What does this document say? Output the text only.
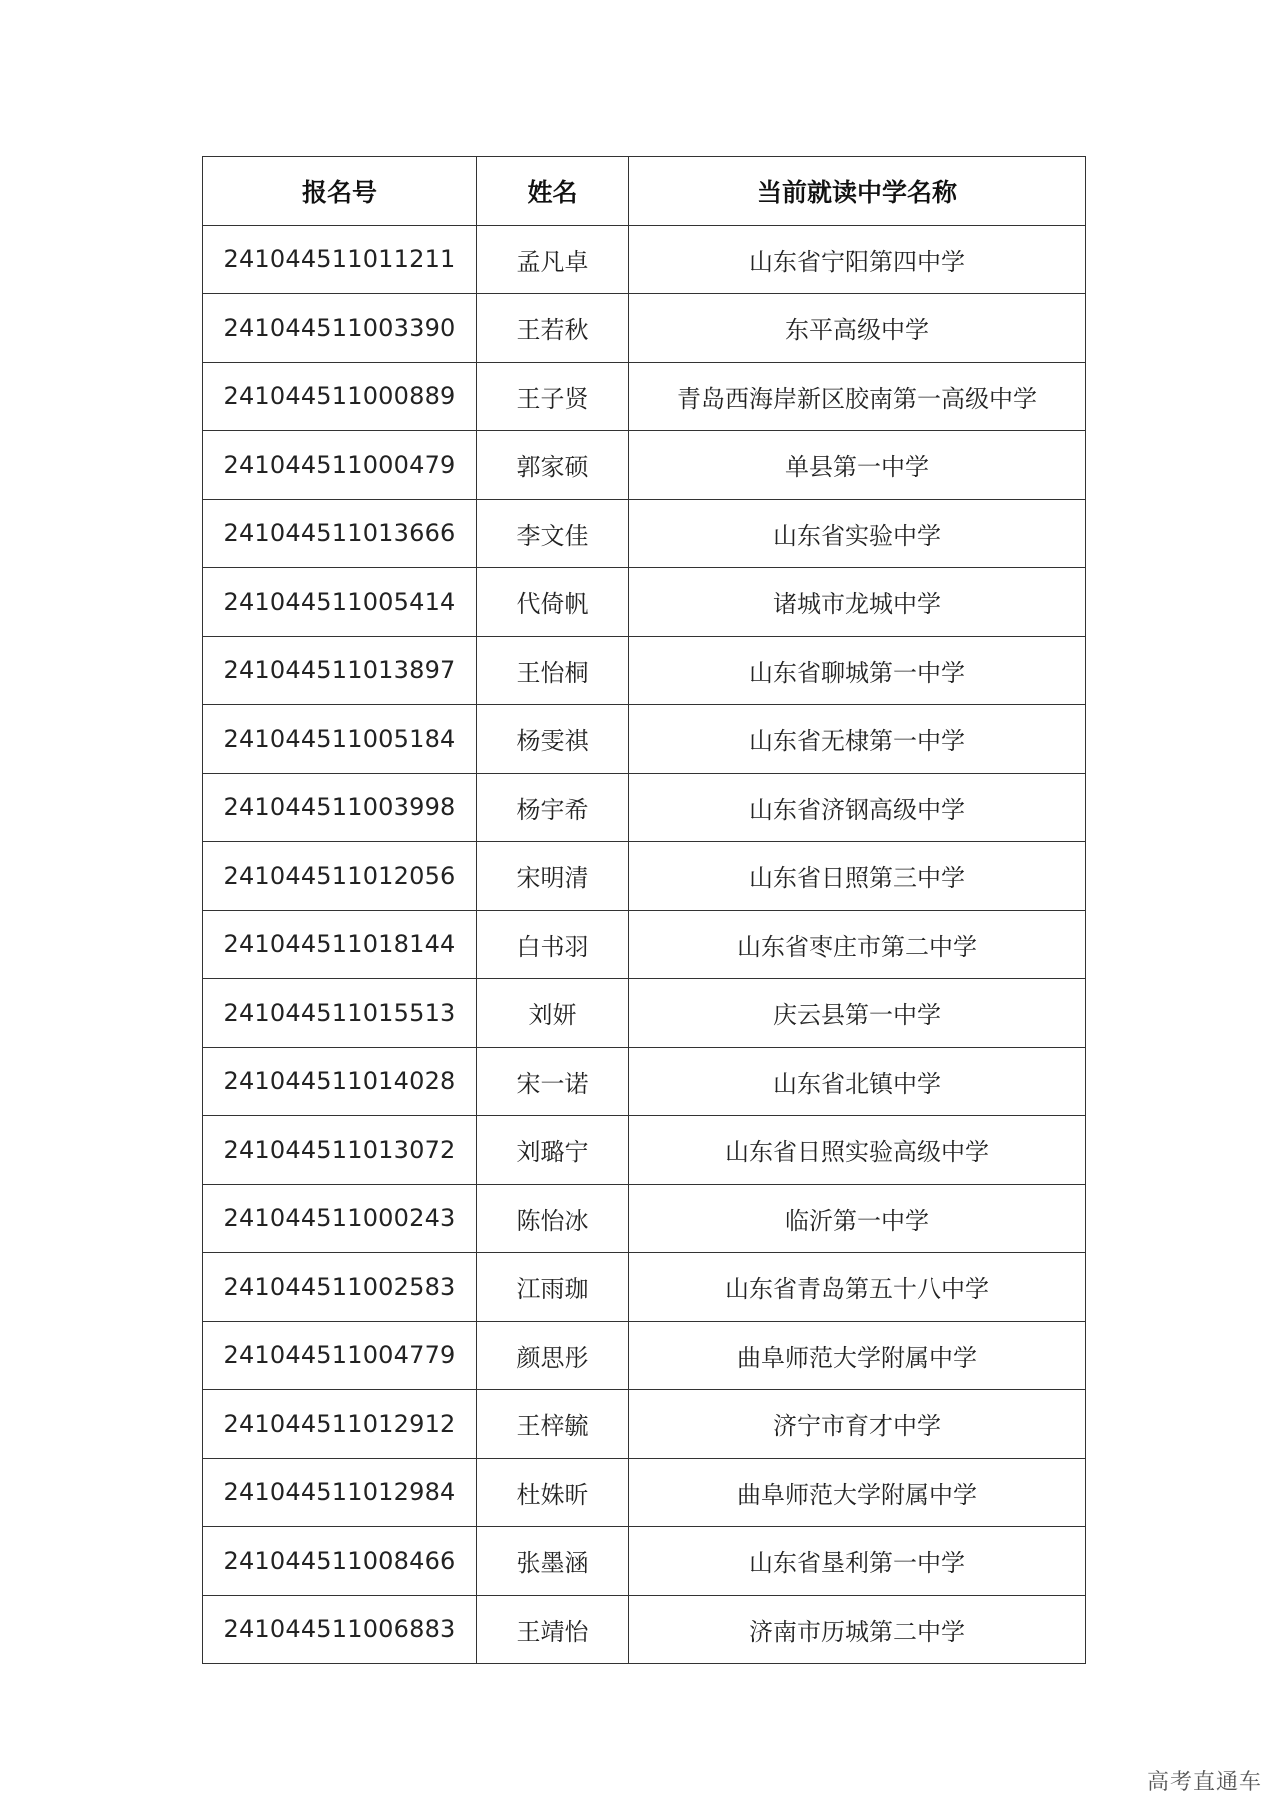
报名号	姓名	当前就读中学名称
241044511011211	孟凡卓	山东省宁阳第四中学
241044511003390	王若秋	东平高级中学
241044511000889	王子贤	青岛西海岸新区胶南第一高级中学
241044511000479	郭家硕	单县第一中学
241044511013666	李文佳	山东省实验中学
241044511005414	代倚帆	诸城市龙城中学
241044511013897	王怡桐	山东省聊城第一中学
241044511005184	杨雯祺	山东省无棣第一中学
241044511003998	杨宇希	山东省济钢高级中学
241044511012056	宋明清	山东省日照第三中学
241044511018144	白书羽	山东省枣庄市第二中学
241044511015513	刘妍	庆云县第一中学
241044511014028	宋一诺	山东省北镇中学
241044511013072	刘璐宁	山东省日照实验高级中学
241044511000243	陈怡冰	临沂第一中学
241044511002583	江雨珈	山东省青岛第五十八中学
241044511004779	颜思彤	曲阜师范大学附属中学
241044511012912	王梓毓	济宁市育才中学
241044511012984	杜姝昕	曲阜师范大学附属中学
241044511008466	张墨涵	山东省垦利第一中学
241044511006883	王靖怡	济南市历城第二中学
高考直通车
